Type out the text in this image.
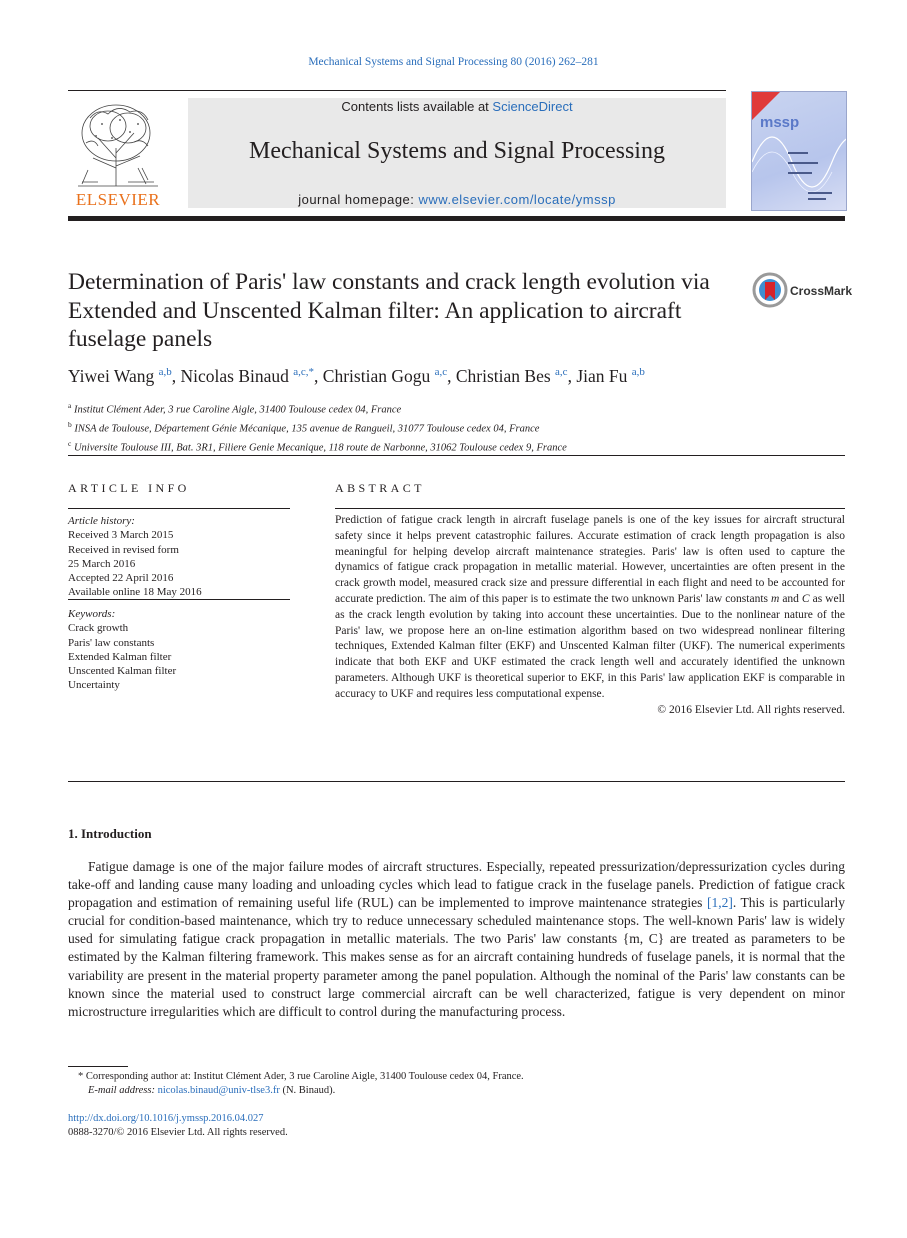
Mechanical Systems and Signal Processing 80 (2016) 262–281
ELSEVIER
Contents lists available at ScienceDirect
Mechanical Systems and Signal Processing
journal homepage: www.elsevier.com/locate/ymssp
mssp
Determination of Paris' law constants and crack length evolution via Extended and Unscented Kalman filter: An application to aircraft fuselage panels
CrossMark
Yiwei Wang $^{a,b}$, Nicolas Binaud $^{a,c,*}$, Christian Gogu $^{a,c}$, Christian Bes $^{a,c}$, Jian Fu $^{a,b}$
$^a$ Institut Clément Ader, 3 rue Caroline Aigle, 31400 Toulouse cedex 04, France
$^b$ INSA de Toulouse, Département Génie Mécanique, 135 avenue de Rangueil, 31077 Toulouse cedex 04, France
$^c$ Universite Toulouse III, Bat. 3R1, Filiere Genie Mecanique, 118 route de Narbonne, 31062 Toulouse cedex 9, France
ARTICLE INFO
Article history:
Received 3 March 2015
Received in revised form
25 March 2016
Accepted 22 April 2016
Available online 18 May 2016
Keywords:
Crack growth
Paris' law constants
Extended Kalman filter
Unscented Kalman filter
Uncertainty
ABSTRACT
Prediction of fatigue crack length in aircraft fuselage panels is one of the key issues for aircraft structural safety since it helps prevent catastrophic failures. Accurate estimation of crack length propagation is also meaningful for helping develop aircraft maintenance strategies. Paris' law is often used to capture the dynamics of fatigue crack propagation in metallic material. However, uncertainties are often present in the crack growth model, measured crack size and pressure differential in each flight and need to be accounted for accurate prediction. The aim of this paper is to estimate the two unknown Paris' law constants m and C as well as the crack length evolution by taking into account these uncertainties. Due to the nonlinear nature of the Paris' law, we propose here an on-line estimation algorithm based on two widespread nonlinear filtering techniques, Extended Kalman filter (EKF) and Unscented Kalman filter (UKF). The numerical experiments indicate that both EKF and UKF estimated the crack length well and accurately identified the unknown parameters. Although UKF is theoretical superior to EKF, in this Paris' law application EKF is comparable in accuracy to UKF and requires less computational expense.
© 2016 Elsevier Ltd. All rights reserved.
1. Introduction
Fatigue damage is one of the major failure modes of aircraft structures. Especially, repeated pressurization/depressurization cycles during take-off and landing cause many loading and unloading cycles which lead to fatigue crack in the fuselage panels. Prediction of fatigue crack propagation and estimation of remaining useful life (RUL) can be implemented to improve maintenance strategies [1,2]. This is particularly crucial for condition-based maintenance, which try to reduce unnecessary scheduled maintenance stops. The well-known Paris' law is widely used for simulating fatigue crack propagation in metallic materials. The two Paris' law constants {m, C} are treated as parameters to be estimated by the Kalman filtering framework. This makes sense as for an aircraft containing hundreds of fuselage panels, it is normal that the variability are present in the material property parameter among the panel population. Although the nominal of the Paris' law constants can be known since the material used to construct large commercial aircraft can be well characterized, fatigue is very dependent on minor microstructure irregularities which are difficult to control during the manufacturing process.
* Corresponding author at: Institut Clément Ader, 3 rue Caroline Aigle, 31400 Toulouse cedex 04, France.
E-mail address: nicolas.binaud@univ-tlse3.fr (N. Binaud).
http://dx.doi.org/10.1016/j.ymssp.2016.04.027
0888-3270/© 2016 Elsevier Ltd. All rights reserved.
